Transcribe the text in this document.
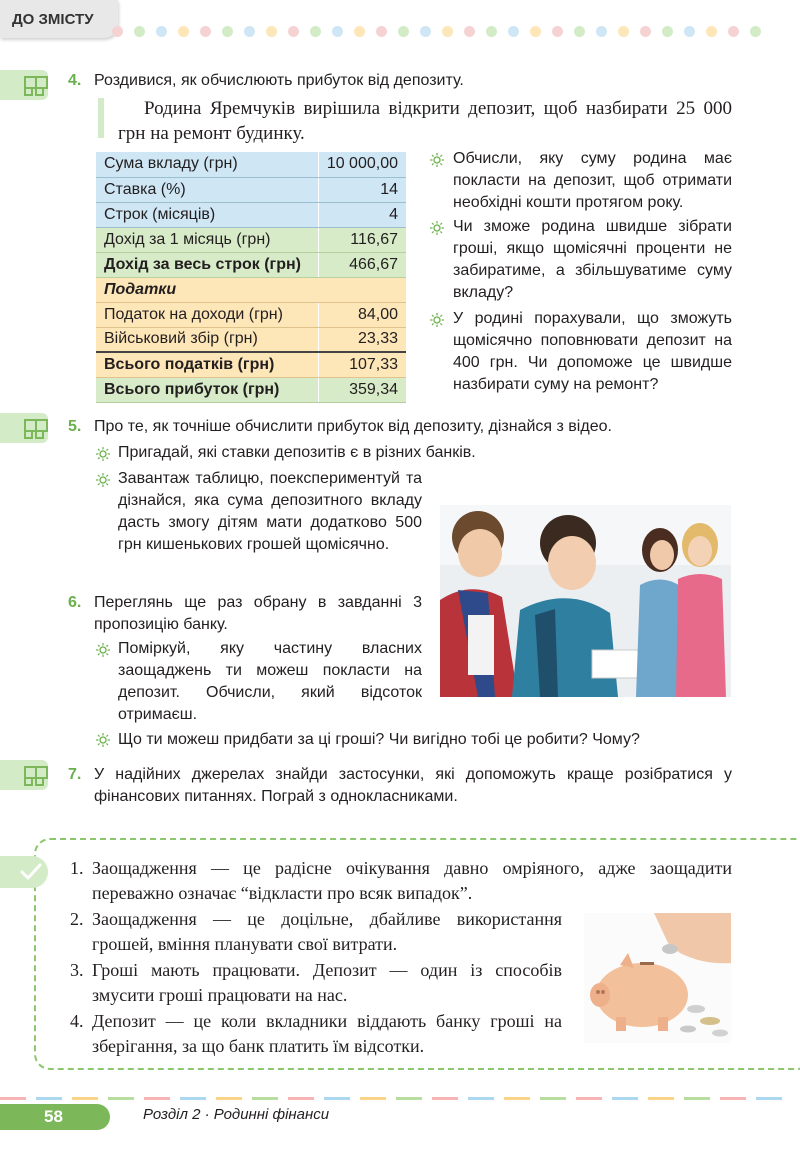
ДО ЗМІСТУ
4. Роздивися, як обчислюють прибуток від депозиту.
Родина Яремчуків вирішила відкрити депозит, щоб назбирати 25 000 грн на ремонт будинку.
Сума вкладу (грн)	10 000,00
Ставка (%)	14
Строк (місяців)	4
Дохід за 1 місяць (грн)	116,67
Дохід за весь строк (грн)	466,67
Податки	
Податок на доходи (грн)	84,00
Військовий збір (грн)	23,33
Всього податків (грн)	107,33
Всього прибуток (грн)	359,34
Обчисли, яку суму родина має покласти на депозит, щоб отримати необхідні кошти протягом року.
Чи зможе родина швидше зібрати гроші, якщо щомісячні проценти не забиратиме, а збільшуватиме суму вкладу?
У родині порахували, що зможуть щомісячно поповнювати депозит на 400 грн. Чи допоможе це швидше назбирати суму на ремонт?
5. Про те, як точніше обчислити прибуток від депозиту, дізнайся з відео.
Пригадай, які ставки депозитів є в різних банків.
Завантаж таблицю, поекспериментуй та дізнайся, яка сума депозитного вкладу дасть змогу дітям мати додатково 500 грн кишенькових грошей щомісячно.
6. Переглянь ще раз обрану в завданні 3 пропозицію банку.
Поміркуй, яку частину власних заощаджень ти можеш покласти на депозит. Обчисли, який відсоток отримаєш.
Що ти можеш придбати за ці гроші? Чи вигідно тобі це робити? Чому?
7. У надійних джерелах знайди застосунки, які допоможуть краще розібратися у фінансових питаннях. Пограй з однокласниками.
1. Заощадження — це радісне очікування давно омріяного, адже заощадити переважно означає “відкласти про всяк випадок”.
2. Заощадження — це доцільне, дбайливе використання грошей, вміння планувати свої витрати.
3. Гроші мають працювати. Депозит — один із способів змусити гроші працювати на нас.
4. Депозит — це коли вкладники віддають банку гроші на зберігання, за що банк платить їм відсотки.
58	Розділ 2 · Родинні фінанси
